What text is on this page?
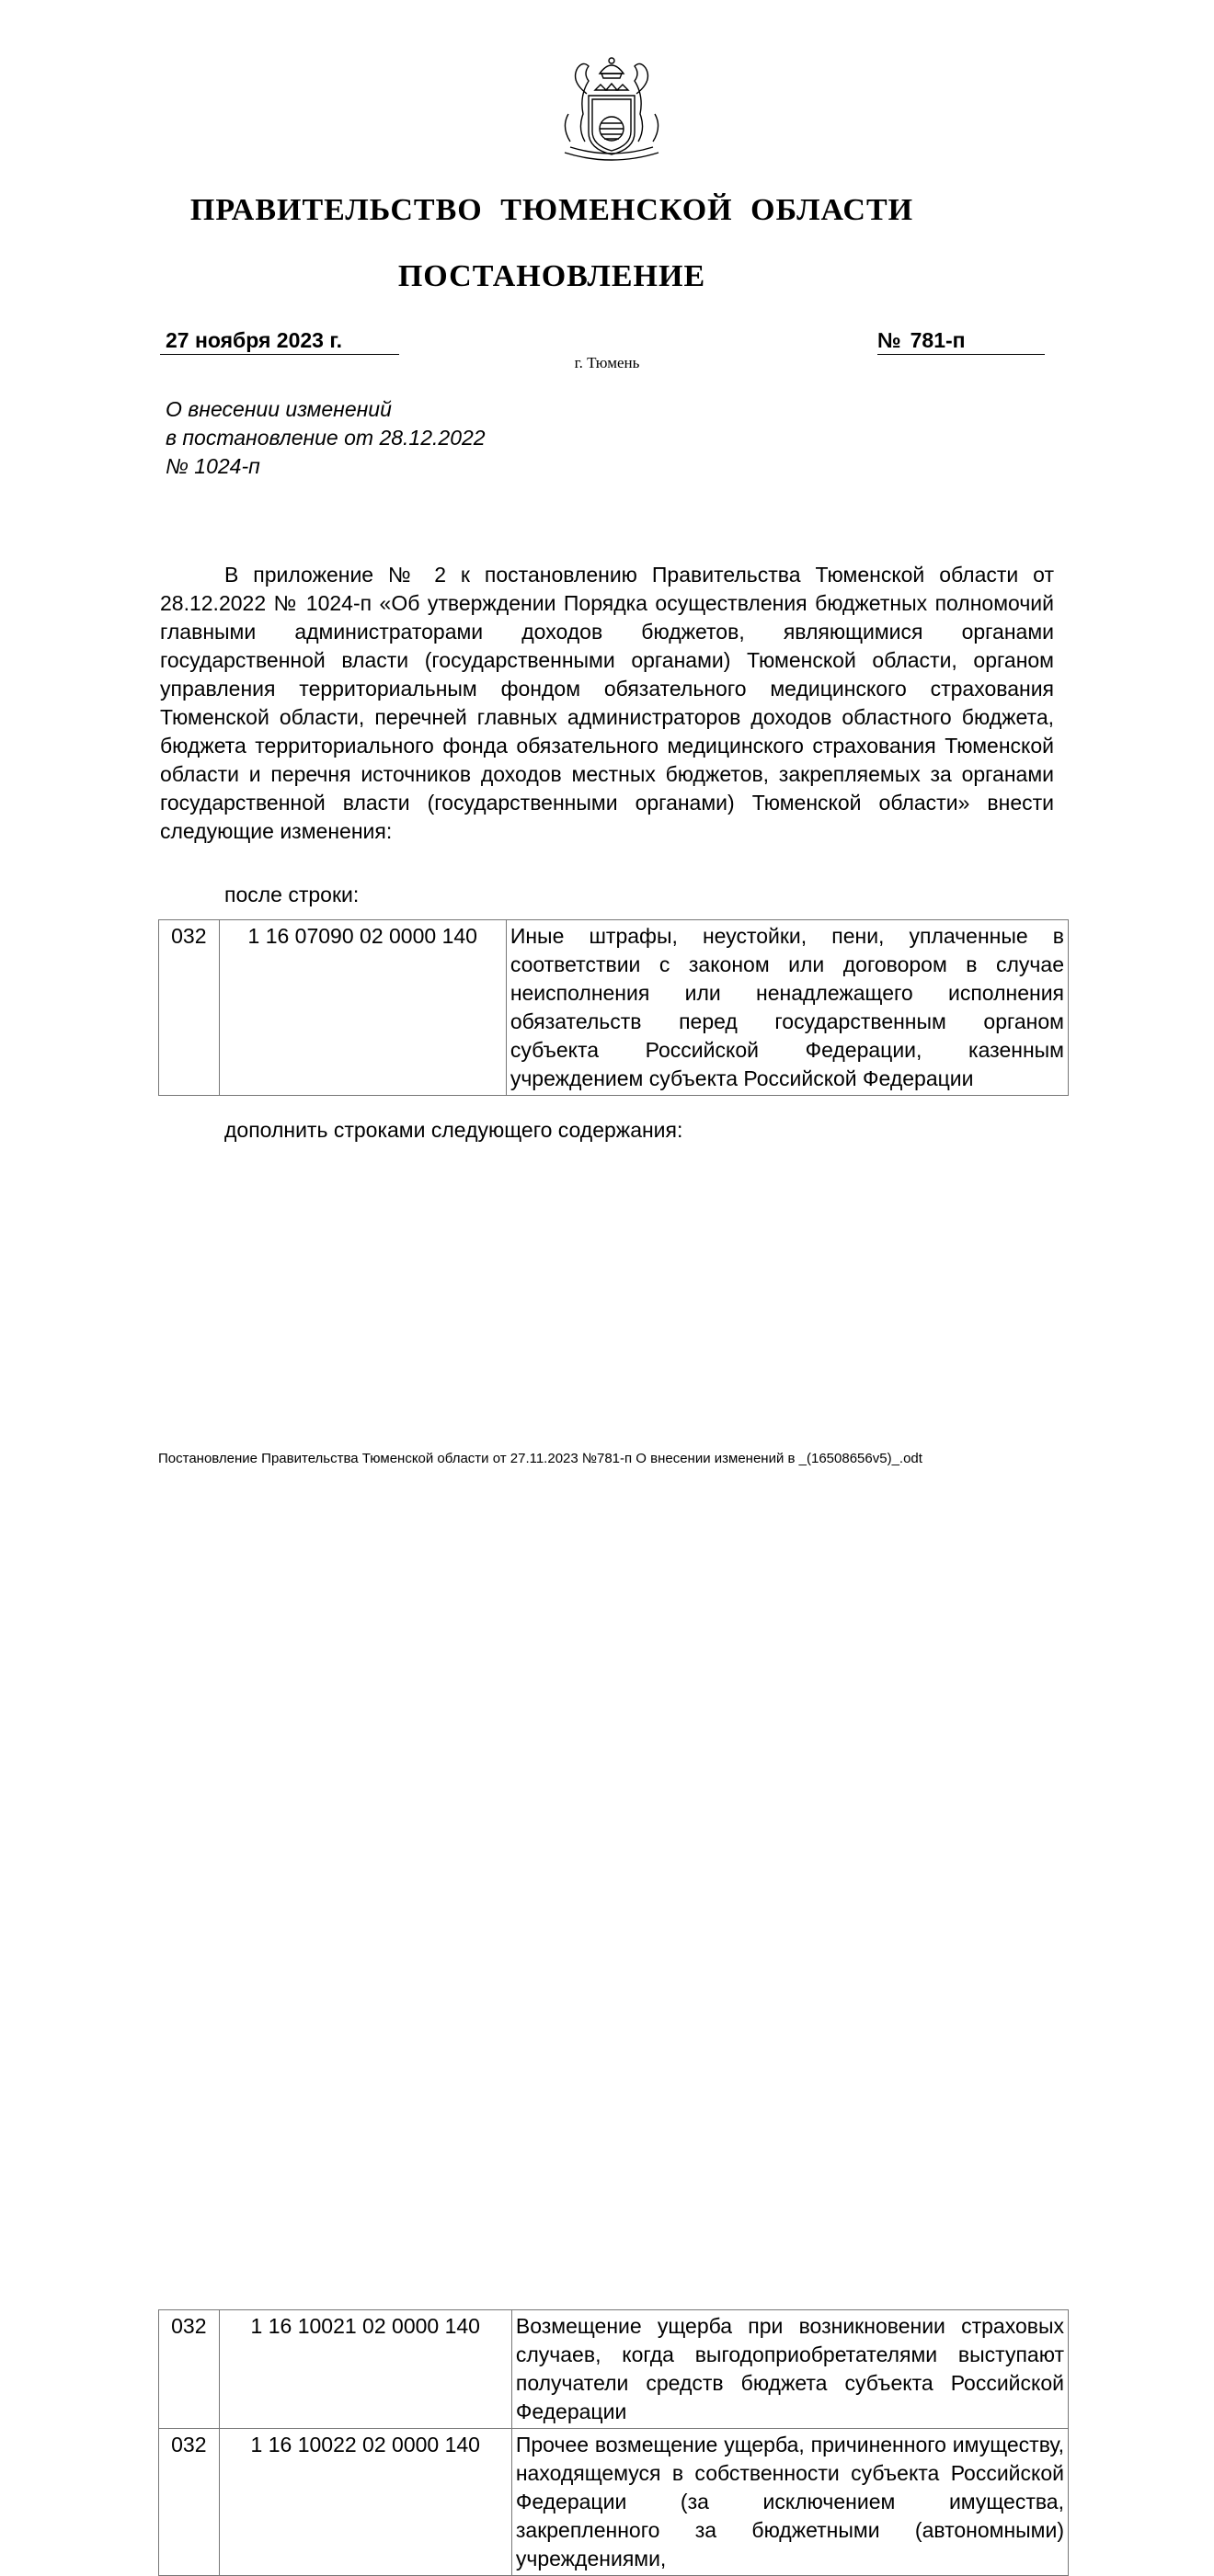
ПРАВИТЕЛЬСТВО ТЮМЕНСКОЙ ОБЛАСТИ
ПОСТАНОВЛЕНИЕ
27 ноября 2023 г.	№ 781-п
г. Тюмень
О внесении изменений
в постановление от 28.12.2022
№ 1024-п
В приложение № 2 к постановлению Правительства Тюменской области от 28.12.2022 № 1024-п «Об утверждении Порядка осуществления бюджетных полномочий главными администраторами доходов бюджетов, являющимися органами государственной власти (государственными органами) Тюменской области, органом управления территориальным фондом обязательного медицинского страхования Тюменской области, перечней главных администраторов доходов областного бюджета, бюджета территориального фонда обязательного медицинского страхования Тюменской области и перечня источников доходов местных бюджетов, закрепляемых за органами государственной власти (государственными органами) Тюменской области» внести следующие изменения:
после строки:
032	1 16 07090 02 0000 140	Иные штрафы, неустойки, пени, уплаченные в соответствии с законом или договором в случае неисполнения или ненадлежащего исполнения обязательств перед государственным органом субъекта Российской Федерации, казенным учреждением субъекта Российской Федерации
дополнить строками следующего содержания:
032	1 16 10021 02 0000 140	Возмещение ущерба при возникновении страховых случаев, когда выгодоприобретателями выступают получатели средств бюджета субъекта Российской Федерации
032	1 16 10022 02 0000 140	Прочее возмещение ущерба, причиненного имуществу, находящемуся в собственности субъекта Российской Федерации (за исключением имущества, закрепленного за бюджетными (автономными) учреждениями,
Постановление Правительства Тюменской области от 27.11.2023 №781-п О внесении изменений в _(16508656v5)_.odt
